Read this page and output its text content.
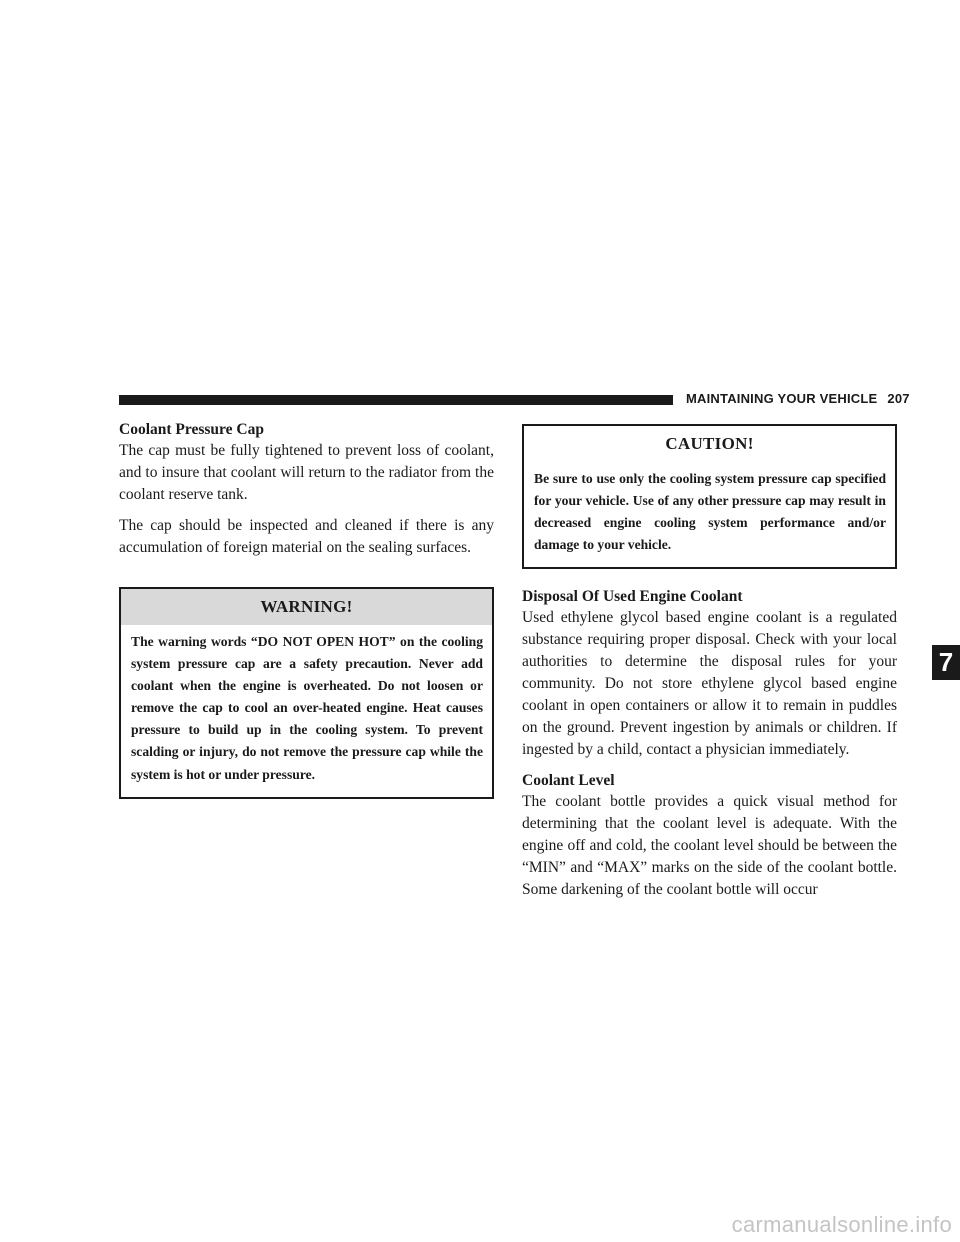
MAINTAINING YOUR VEHICLE 207
Coolant Pressure Cap

The cap must be fully tightened to prevent loss of coolant, and to insure that coolant will return to the radiator from the coolant reserve tank.

The cap should be inspected and cleaned if there is any accumulation of foreign material on the sealing surfaces.

WARNING!
The warning words “DO NOT OPEN HOT” on the cooling system pressure cap are a safety precaution. Never add coolant when the engine is overheated. Do not loosen or remove the cap to cool an over-heated engine. Heat causes pressure to build up in the cooling system. To prevent scalding or injury, do not remove the pressure cap while the system is hot or under pressure.
CAUTION!
Be sure to use only the cooling system pressure cap specified for your vehicle. Use of any other pressure cap may result in decreased engine cooling system performance and/or damage to your vehicle.
Disposal Of Used Engine Coolant

Used ethylene glycol based engine coolant is a regulated substance requiring proper disposal. Check with your local authorities to determine the disposal rules for your community. Do not store ethylene glycol based engine coolant in open containers or allow it to remain in puddles on the ground. Prevent ingestion by animals or children. If ingested by a child, contact a physician immediately.

Coolant Level

The coolant bottle provides a quick visual method for determining that the coolant level is adequate. With the engine off and cold, the coolant level should be between the “MIN” and “MAX” marks on the side of the coolant bottle. Some darkening of the coolant bottle will occur

7
carmanualsonline.info
